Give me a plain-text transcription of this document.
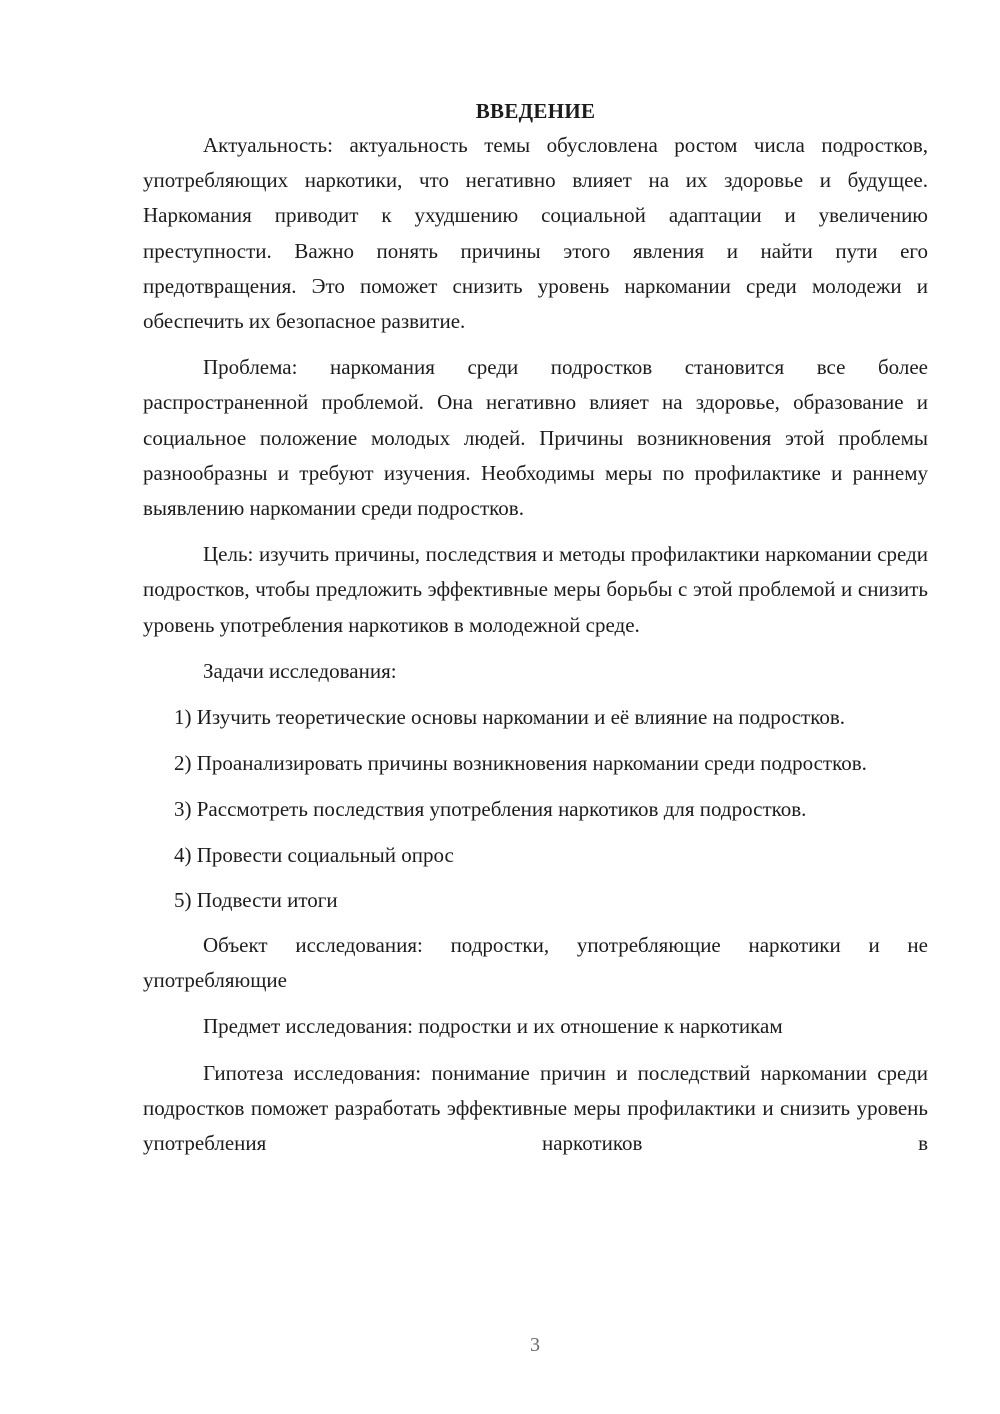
ВВЕДЕНИЕ

Актуальность: актуальность темы обусловлена ростом числа подростков, употребляющих наркотики, что негативно влияет на их здоровье и будущее. Наркомания приводит к ухудшению социальной адаптации и увеличению преступности. Важно понять причины этого явления и найти пути его предотвращения. Это поможет снизить уровень наркомании среди молодежи и обеспечить их безопасное развитие.

Проблема: наркомания среди подростков становится все более распространенной проблемой. Она негативно влияет на здоровье, образование и социальное положение молодых людей. Причины возникновения этой проблемы разнообразны и требуют изучения. Необходимы меры по профилактике и раннему выявлению наркомании среди подростков.

Цель: изучить причины, последствия и методы профилактики наркомании среди подростков, чтобы предложить эффективные меры борьбы с этой проблемой и снизить уровень употребления наркотиков в молодежной среде.

Задачи исследования:

1) Изучить теоретические основы наркомании и её влияние на подростков.

2) Проанализировать причины возникновения наркомании среди подростков.

3) Рассмотреть последствия употребления наркотиков для подростков.

4) Провести социальный опрос

5) Подвести итоги

Объект исследования: подростки, употребляющие наркотики и не употребляющие

Предмет исследования: подростки и их отношение к наркотикам

Гипотеза исследования: понимание причин и последствий наркомании среди подростков поможет разработать эффективные меры профилактики и снизить уровень употребления наркотиков в

3
